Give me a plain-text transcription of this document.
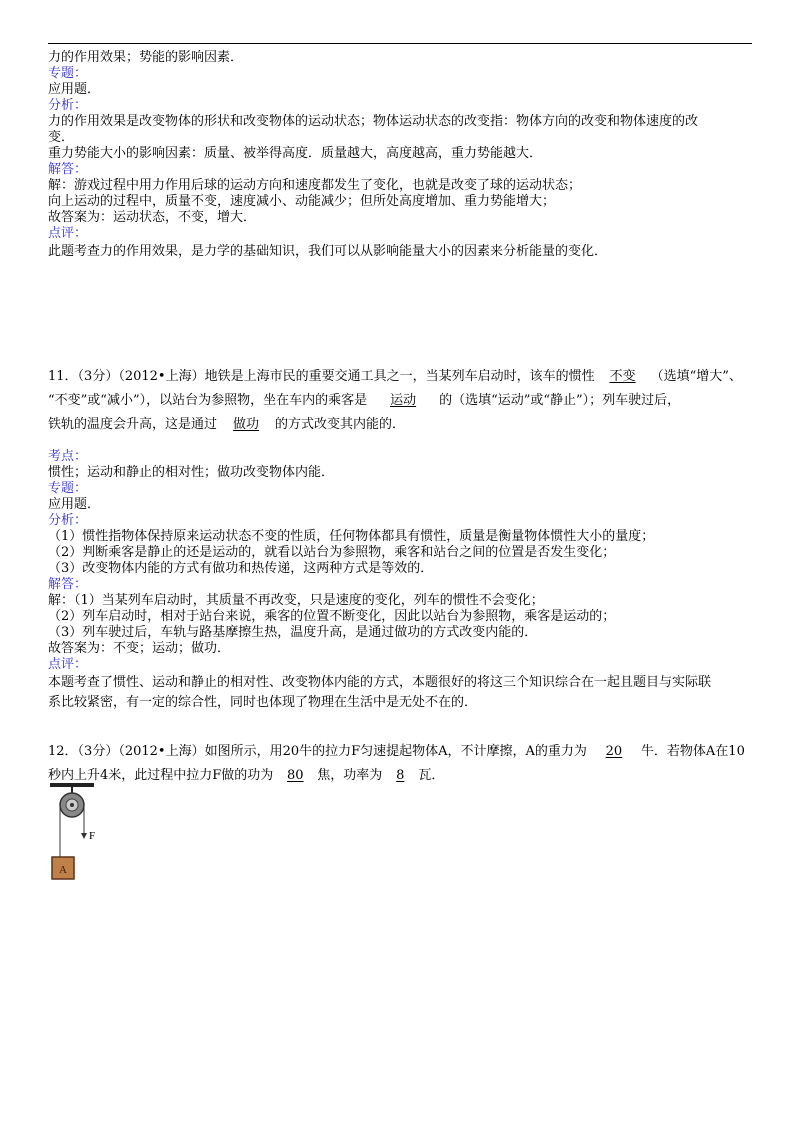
力的作用效果；势能的影响因素．
专题：
应用题．
分析：
力的作用效果是改变物体的形状和改变物体的运动状态；物体运动状态的改变指：物体方向的改变和物体速度的改
变．
重力势能大小的影响因素：质量、被举得高度．质量越大，高度越高，重力势能越大．
解答：
解：游戏过程中用力作用后球的运动方向和速度都发生了变化，也就是改变了球的运动状态；
向上运动的过程中，质量不变，速度减小、动能减少；但所处高度增加、重力势能增大；
故答案为：运动状态，不变，增大．
点评：
此题考查力的作用效果，是力学的基础知识，我们可以从影响能量大小的因素来分析能量的变化．
11．（3分）（2012•上海）地铁是上海市民的重要交通工具之一，当某列车启动时，该车的惯性 不变 （选填“增大”、
“不变”或“减小”），以站台为参照物，坐在车内的乘客是 运动 的（选填“运动”或“静止”）；列车驶过后，
铁轨的温度会升高，这是通过 做功 的方式改变其内能的．
考点：
惯性；运动和静止的相对性；做功改变物体内能．
专题：
应用题．
分析：
（1）惯性指物体保持原来运动状态不变的性质，任何物体都具有惯性，质量是衡量物体惯性大小的量度；
（2）判断乘客是静止的还是运动的，就看以站台为参照物，乘客和站台之间的位置是否发生变化；
（3）改变物体内能的方式有做功和热传递，这两种方式是等效的．
解答：
解：（1）当某列车启动时，其质量不再改变，只是速度的变化，列车的惯性不会变化；
（2）列车启动时，相对于站台来说，乘客的位置不断变化，因此以站台为参照物，乘客是运动的；
（3）列车驶过后，车轨与路基摩擦生热，温度升高，是通过做功的方式改变内能的．
故答案为：不变；运动；做功．
点评：
本题考查了惯性、运动和静止的相对性、改变物体内能的方式，本题很好的将这三个知识综合在一起且题目与实际联
系比较紧密，有一定的综合性，同时也体现了物理在生活中是无处不在的．
12．（3分）（2012•上海）如图所示，用20牛的拉力F匀速提起物体A，不计摩擦，A的重力为 20 牛．若物体A在10
秒内上升4米，此过程中拉力F做的功为 80 焦，功率为 8 瓦．
F
A
